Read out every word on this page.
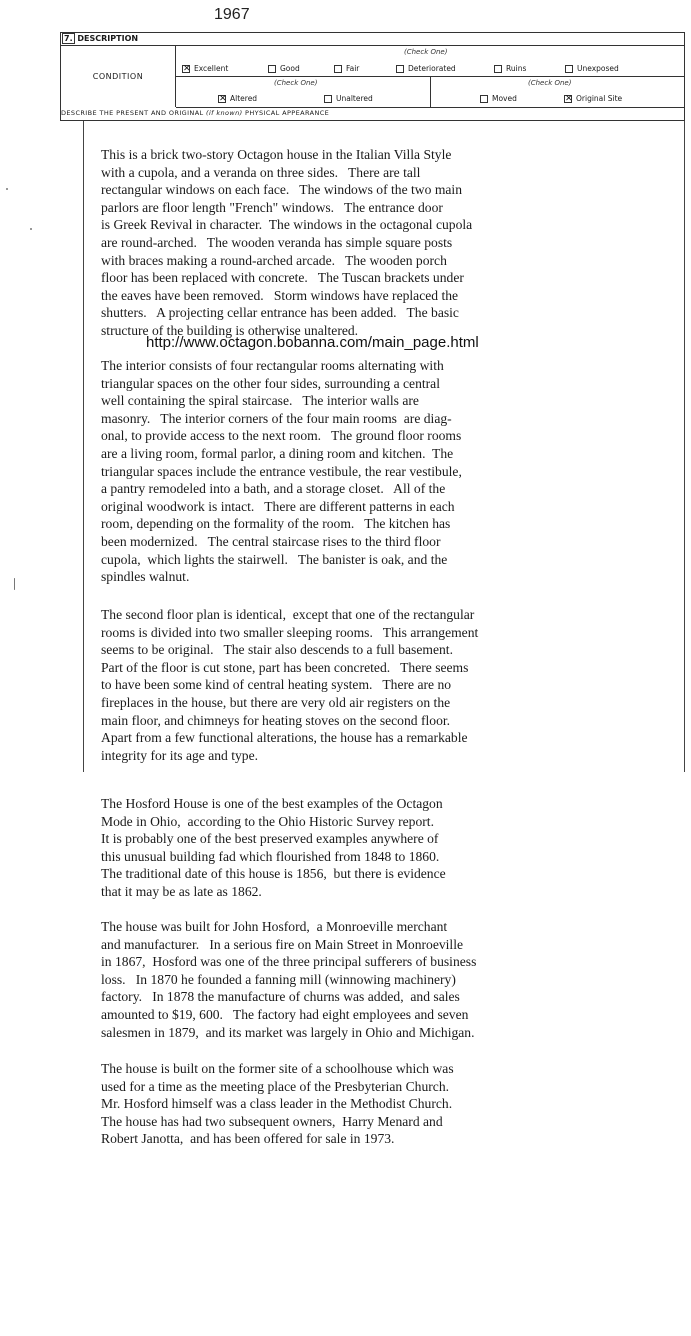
1967
7. DESCRIPTION
CONDITION
(Check One)
✕ Excellent	Good	Fair	Deteriorated	Ruins	Unexposed
(Check One)	(Check One)
✕ Altered	Unaltered	Moved	✕ Original Site
DESCRIBE THE PRESENT AND ORIGINAL (if known) PHYSICAL APPEARANCE
This is a brick two-story Octagon house in the Italian Villa Style
with a cupola, and a veranda on three sides.   There are tall
rectangular windows on each face.   The windows of the two main
parlors are floor length "French" windows.   The entrance door
is Greek Revival in character.  The windows in the octagonal cupola
are round-arched.   The wooden veranda has simple square posts
with braces making a round-arched arcade.   The wooden porch
floor has been replaced with concrete.   The Tuscan brackets under
the eaves have been removed.   Storm windows have replaced the
shutters.   A projecting cellar entrance has been added.   The basic
structure of the building is otherwise unaltered.
http://www.octagon.bobanna.com/main_page.html
The interior consists of four rectangular rooms alternating with
triangular spaces on the other four sides, surrounding a central
well containing the spiral staircase.   The interior walls are
masonry.   The interior corners of the four main rooms  are diag-
onal, to provide access to the next room.   The ground floor rooms
are a living room, formal parlor, a dining room and kitchen.  The
triangular spaces include the entrance vestibule, the rear vestibule,
a pantry remodeled into a bath, and a storage closet.   All of the
original woodwork is intact.   There are different patterns in each
room, depending on the formality of the room.   The kitchen has
been modernized.   The central staircase rises to the third floor
cupola,  which lights the stairwell.   The banister is oak, and the
spindles walnut.
The second floor plan is identical,  except that one of the rectangular
rooms is divided into two smaller sleeping rooms.   This arrangement
seems to be original.   The stair also descends to a full basement.
Part of the floor is cut stone, part has been concreted.   There seems
to have been some kind of central heating system.   There are no
fireplaces in the house, but there are very old air registers on the
main floor, and chimneys for heating stoves on the second floor.
Apart from a few functional alterations, the house has a remarkable
integrity for its age and type.
The Hosford House is one of the best examples of the Octagon
Mode in Ohio,  according to the Ohio Historic Survey report.
It is probably one of the best preserved examples anywhere of
this unusual building fad which flourished from 1848 to 1860.
The traditional date of this house is 1856,  but there is evidence
that it may be as late as 1862.
The house was built for John Hosford,  a Monroeville merchant
and manufacturer.   In a serious fire on Main Street in Monroeville
in 1867,  Hosford was one of the three principal sufferers of business
loss.   In 1870 he founded a fanning mill (winnowing machinery)
factory.   In 1878 the manufacture of churns was added,  and sales
amounted to $19, 600.   The factory had eight employees and seven
salesmen in 1879,  and its market was largely in Ohio and Michigan.
The house is built on the former site of a schoolhouse which was
used for a time as the meeting place of the Presbyterian Church.
Mr. Hosford himself was a class leader in the Methodist Church.
The house has had two subsequent owners,  Harry Menard and
Robert Janotta,  and has been offered for sale in 1973.
